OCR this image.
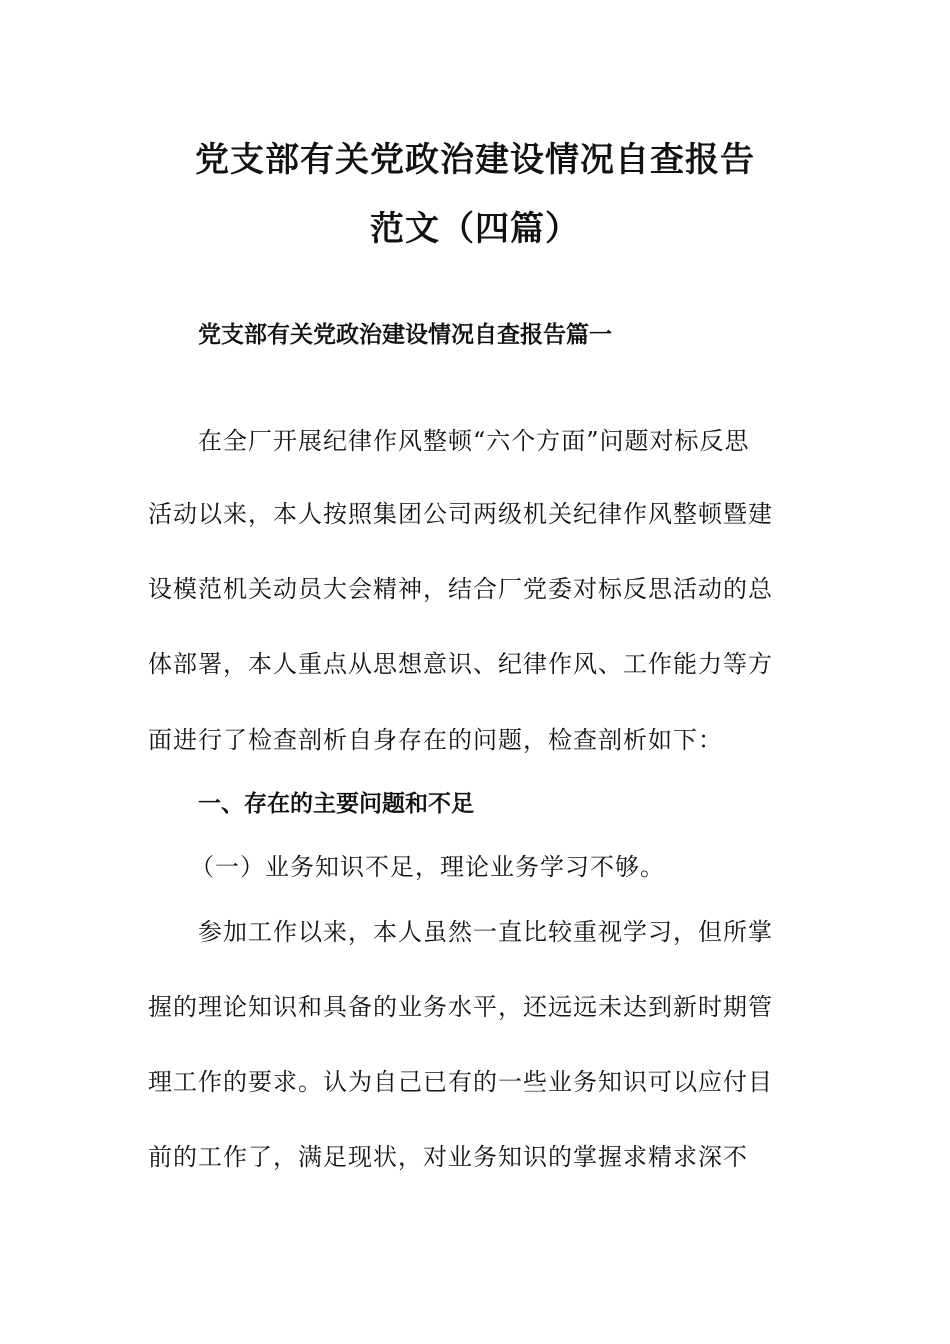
党支部有关党政治建设情况自查报告
范文（四篇）
党支部有关党政治建设情况自查报告篇一
在全厂开展纪律作风整顿“六个方面”问题对标反思
活动以来，本人按照集团公司两级机关纪律作风整顿暨建
设模范机关动员大会精神，结合厂党委对标反思活动的总
体部署，本人重点从思想意识、纪律作风、工作能力等方
面进行了检查剖析自身存在的问题，检查剖析如下：
一、存在的主要问题和不足
（一）业务知识不足，理论业务学习不够。
参加工作以来，本人虽然一直比较重视学习，但所掌
握的理论知识和具备的业务水平，还远远未达到新时期管
理工作的要求。认为自己已有的一些业务知识可以应付目
前的工作了，满足现状，对业务知识的掌握求精求深不
